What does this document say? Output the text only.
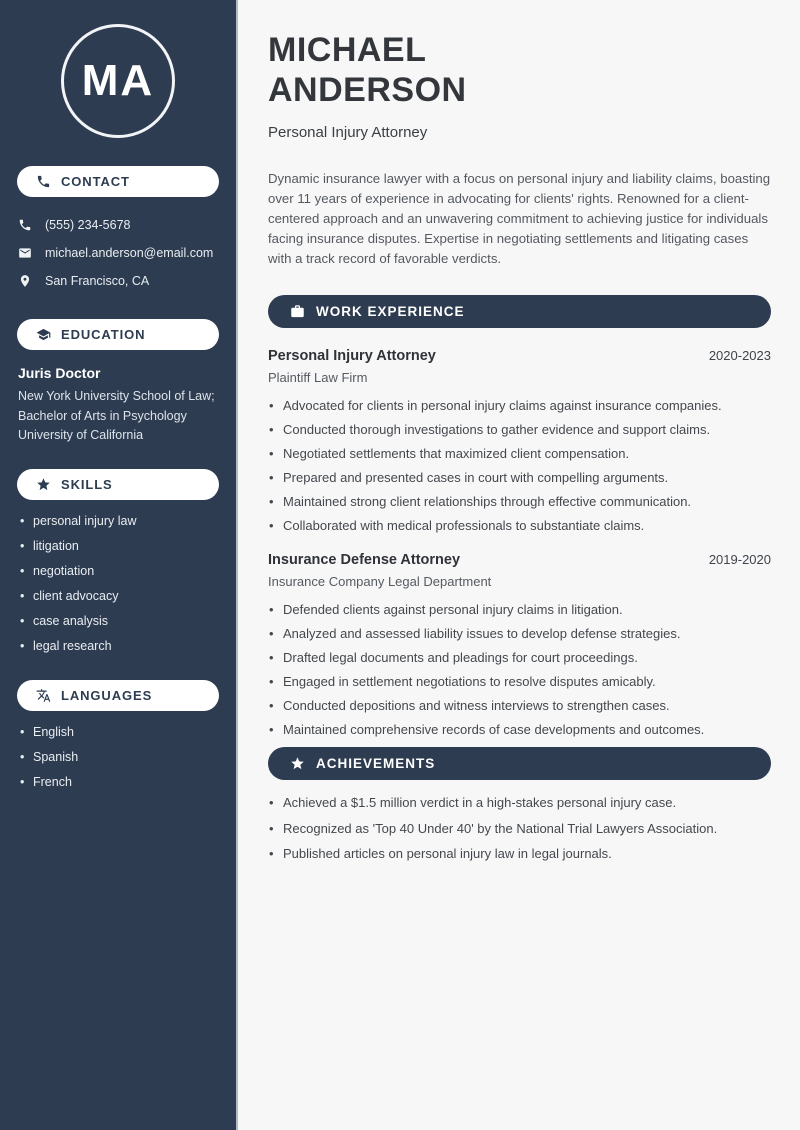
MA
CONTACT
(555) 234-5678
michael.anderson@email.com
San Francisco, CA
EDUCATION
Juris Doctor
New York University School of Law;
Bachelor of Arts in Psychology
University of California
SKILLS
• personal injury law
• litigation
• negotiation
• client advocacy
• case analysis
• legal research
LANGUAGES
• English
• Spanish
• French
MICHAEL
ANDERSON
Personal Injury Attorney

Dynamic insurance lawyer with a focus on personal injury and liability claims, boasting over 11 years of experience in advocating for clients' rights. Renowned for a client-centered approach and an unwavering commitment to achieving justice for individuals facing insurance disputes. Expertise in negotiating settlements and litigating cases with a track record of favorable verdicts.

WORK EXPERIENCE
Personal Injury Attorney	2020-2023
Plaintiff Law Firm
• Advocated for clients in personal injury claims against insurance companies.
• Conducted thorough investigations to gather evidence and support claims.
• Negotiated settlements that maximized client compensation.
• Prepared and presented cases in court with compelling arguments.
• Maintained strong client relationships through effective communication.
• Collaborated with medical professionals to substantiate claims.
Insurance Defense Attorney	2019-2020
Insurance Company Legal Department
• Defended clients against personal injury claims in litigation.
• Analyzed and assessed liability issues to develop defense strategies.
• Drafted legal documents and pleadings for court proceedings.
• Engaged in settlement negotiations to resolve disputes amicably.
• Conducted depositions and witness interviews to strengthen cases.
• Maintained comprehensive records of case developments and outcomes.
ACHIEVEMENTS
• Achieved a $1.5 million verdict in a high-stakes personal injury case.
• Recognized as 'Top 40 Under 40' by the National Trial Lawyers Association.
• Published articles on personal injury law in legal journals.
